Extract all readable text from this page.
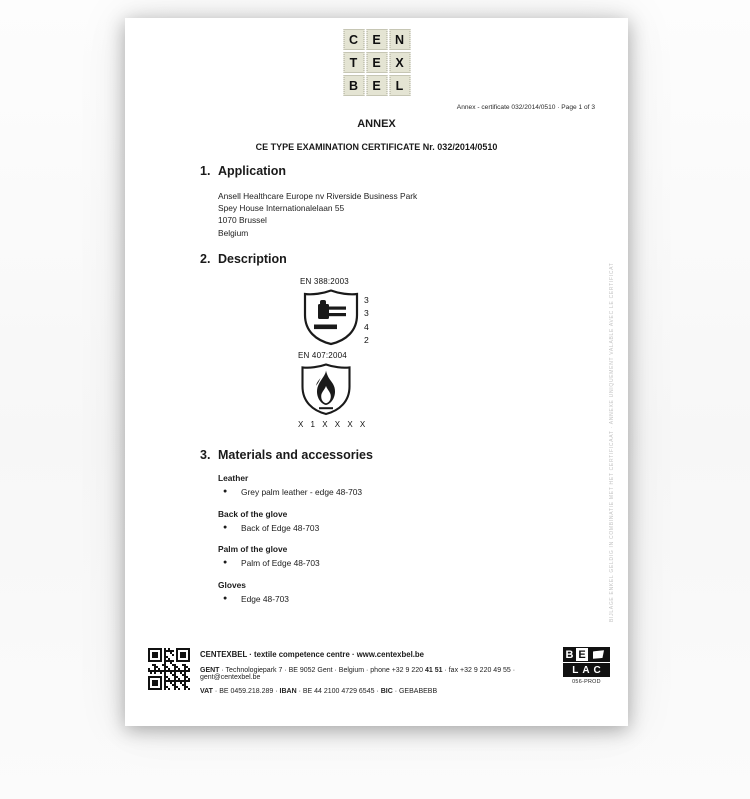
C	E	N
T	E	X
B	E	L
Annex - certificate 032/2014/0510 · Page 1 of 3
ANNEX
CE TYPE EXAMINATION CERTIFICATE Nr. 032/2014/0510
1. Application
Ansell Healthcare Europe nv Riverside Business Park
Spey House Internationalelaan 55
1070 Brussel
Belgium
2. Description
EN 388:2003
3
3
4
2
EN 407:2004
X 1 X X X X
3. Materials and accessories
Leather
●	Grey palm leather - edge 48-703
Back of the glove
●	Back of Edge 48-703
Palm of the glove
●	Palm of Edge 48-703
Gloves
●	Edge 48-703
CENTEXBEL · textile competence centre · www.centexbel.be
GENT · Technologiepark 7 · BE 9052 Gent · Belgium · phone +32 9 220 41 51 · fax +32 9 220 49 55 · gent@centexbel.be
VAT · BE 0459.218.289 · IBAN · BE 44 2100 4729 6545 · BIC · GEBABEBB
B E
LAC
056-PROD
BIJLAGE ENKEL GELDIG IN COMBINATIE MET HET CERTIFICAAT · ANNEXE UNIQUEMENT VALABLE AVEC LE CERTIFICAT
